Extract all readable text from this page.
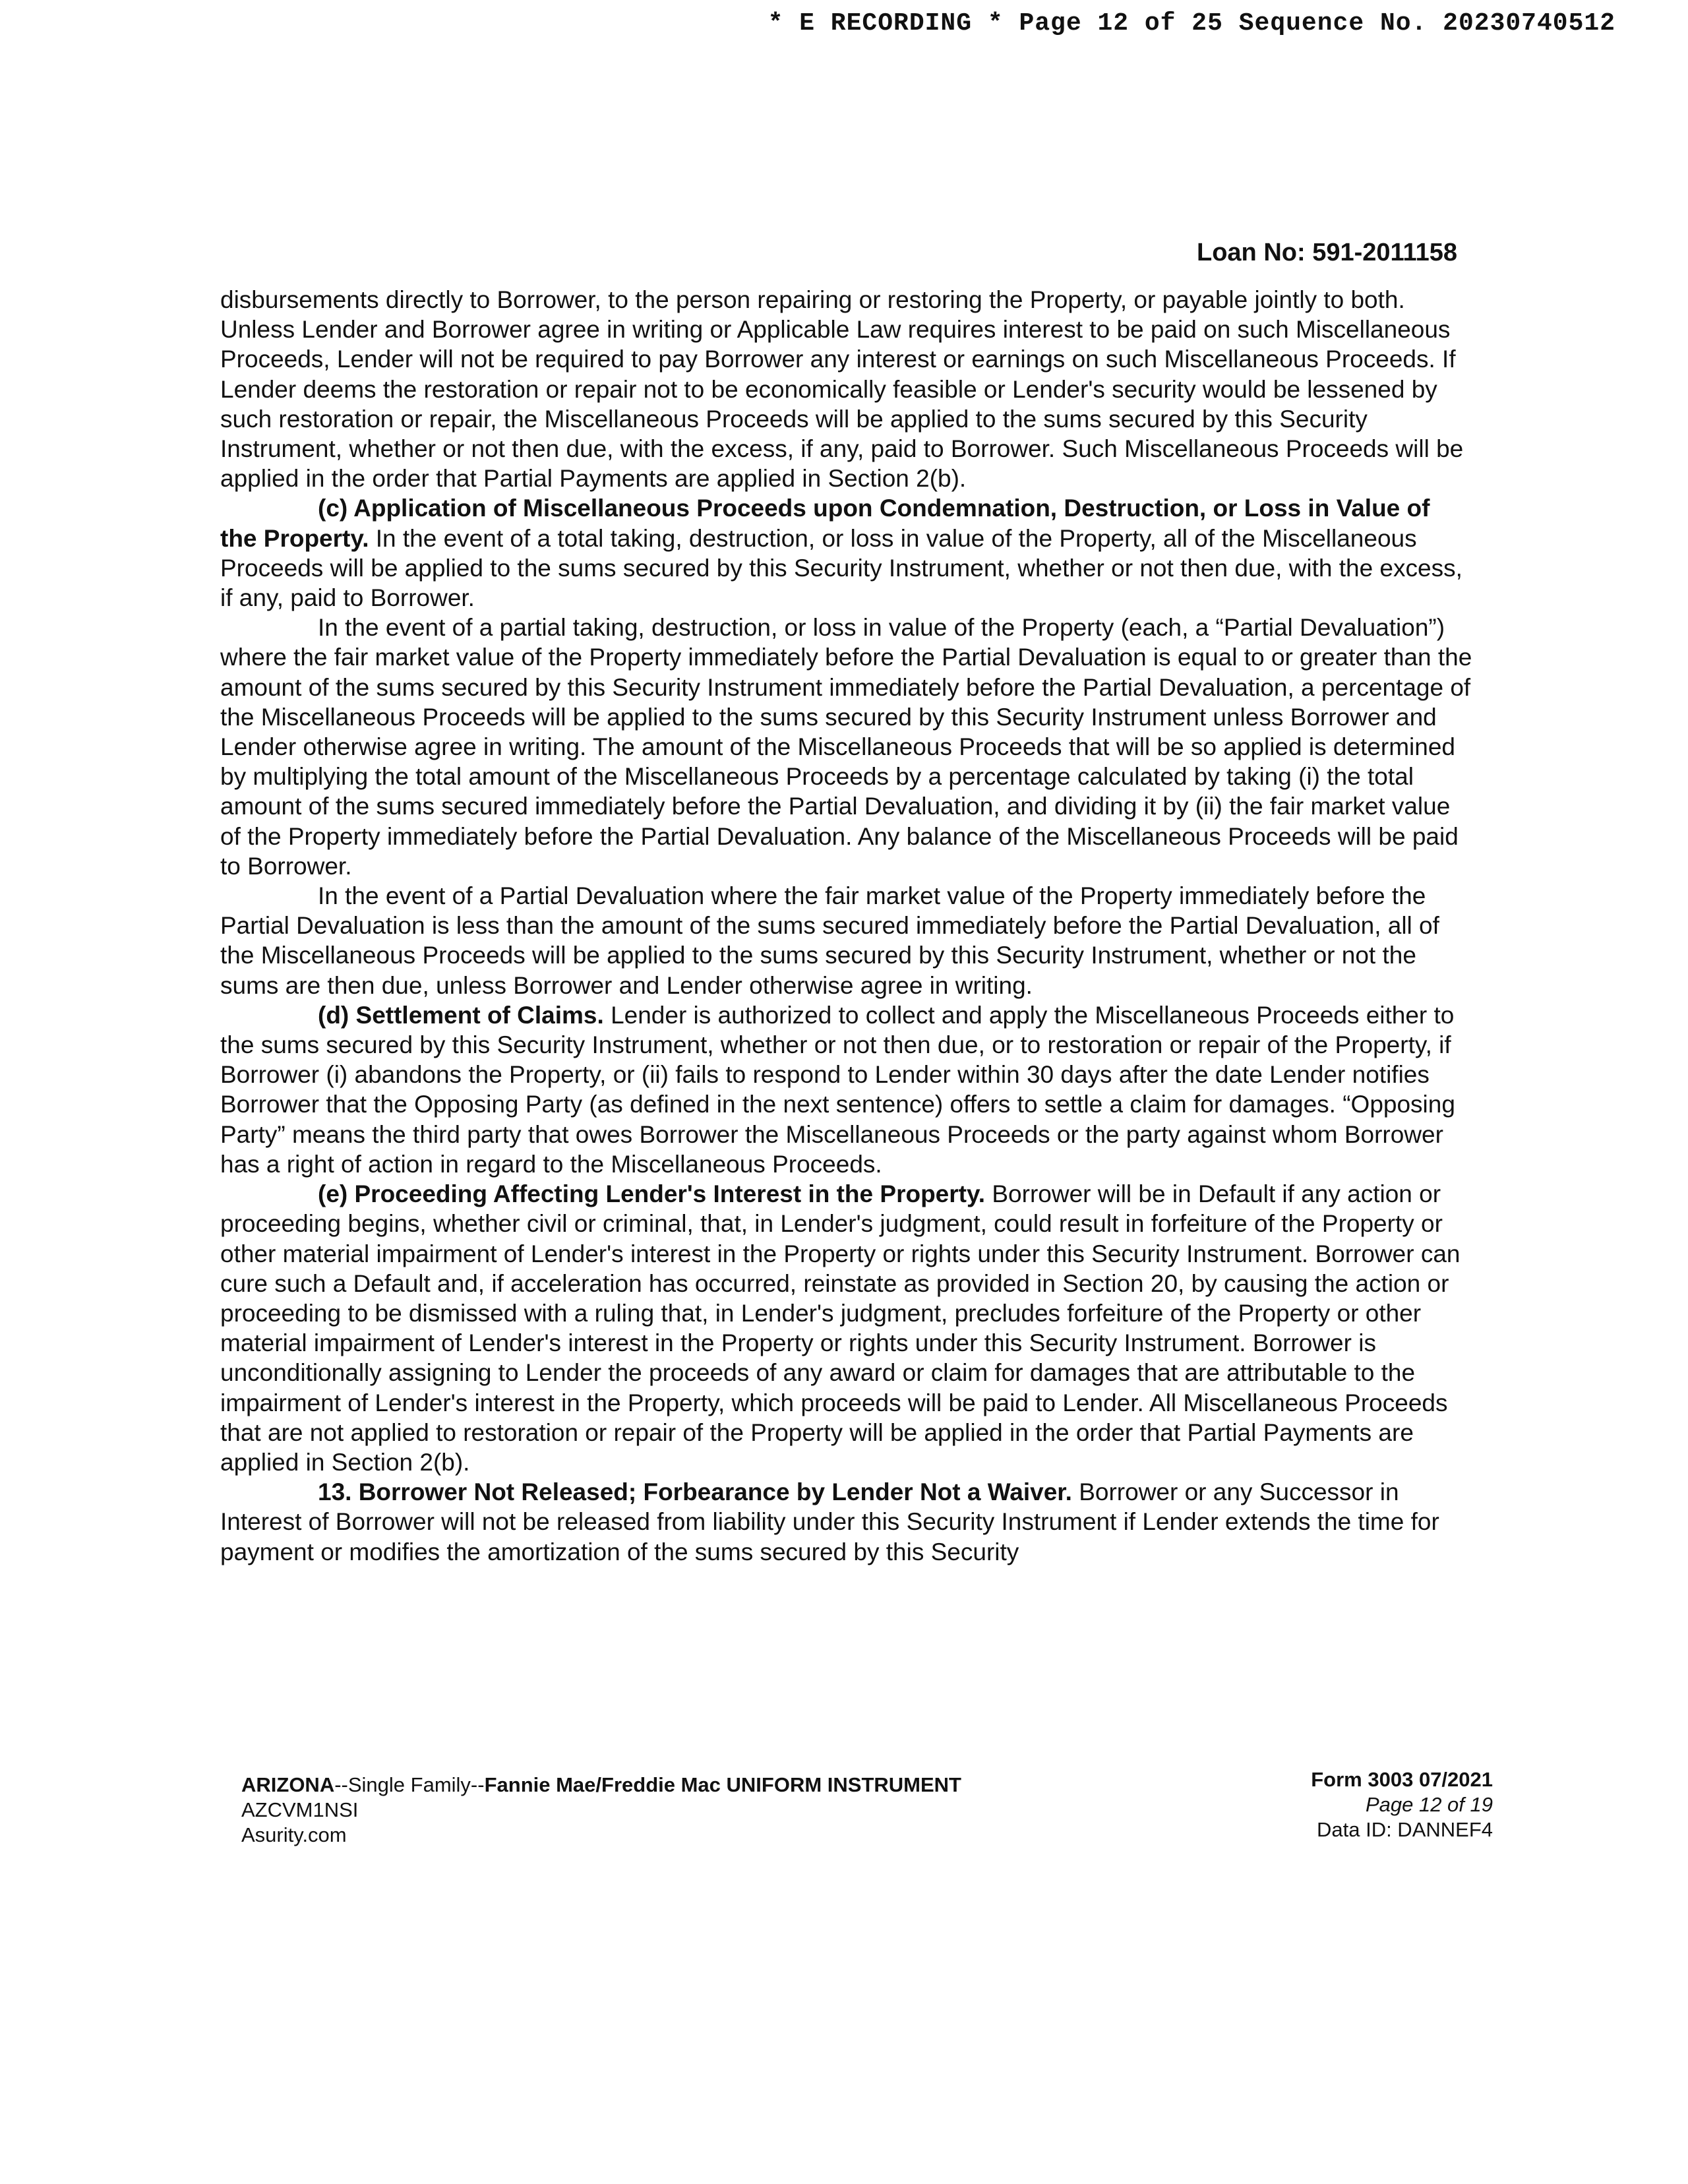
* E RECORDING * Page 12 of 25 Sequence No. 20230740512
Loan No: 591-2011158

disbursements directly to Borrower, to the person repairing or restoring the Property, or payable jointly to both. Unless Lender and Borrower agree in writing or Applicable Law requires interest to be paid on such Miscellaneous Proceeds, Lender will not be required to pay Borrower any interest or earnings on such Miscellaneous Proceeds. If Lender deems the restoration or repair not to be economically feasible or Lender's security would be lessened by such restoration or repair, the Miscellaneous Proceeds will be applied to the sums secured by this Security Instrument, whether or not then due, with the excess, if any, paid to Borrower. Such Miscellaneous Proceeds will be applied in the order that Partial Payments are applied in Section 2(b).

(c) Application of Miscellaneous Proceeds upon Condemnation, Destruction, or Loss in Value of the Property. In the event of a total taking, destruction, or loss in value of the Property, all of the Miscellaneous Proceeds will be applied to the sums secured by this Security Instrument, whether or not then due, with the excess, if any, paid to Borrower.

In the event of a partial taking, destruction, or loss in value of the Property (each, a “Partial Devaluation”) where the fair market value of the Property immediately before the Partial Devaluation is equal to or greater than the amount of the sums secured by this Security Instrument immediately before the Partial Devaluation, a percentage of the Miscellaneous Proceeds will be applied to the sums secured by this Security Instrument unless Borrower and Lender otherwise agree in writing. The amount of the Miscellaneous Proceeds that will be so applied is determined by multiplying the total amount of the Miscellaneous Proceeds by a percentage calculated by taking (i) the total amount of the sums secured immediately before the Partial Devaluation, and dividing it by (ii) the fair market value of the Property immediately before the Partial Devaluation. Any balance of the Miscellaneous Proceeds will be paid to Borrower.

In the event of a Partial Devaluation where the fair market value of the Property immediately before the Partial Devaluation is less than the amount of the sums secured immediately before the Partial Devaluation, all of the Miscellaneous Proceeds will be applied to the sums secured by this Security Instrument, whether or not the sums are then due, unless Borrower and Lender otherwise agree in writing.

(d) Settlement of Claims. Lender is authorized to collect and apply the Miscellaneous Proceeds either to the sums secured by this Security Instrument, whether or not then due, or to restoration or repair of the Property, if Borrower (i) abandons the Property, or (ii) fails to respond to Lender within 30 days after the date Lender notifies Borrower that the Opposing Party (as defined in the next sentence) offers to settle a claim for damages. “Opposing Party” means the third party that owes Borrower the Miscellaneous Proceeds or the party against whom Borrower has a right of action in regard to the Miscellaneous Proceeds.

(e) Proceeding Affecting Lender's Interest in the Property. Borrower will be in Default if any action or proceeding begins, whether civil or criminal, that, in Lender's judgment, could result in forfeiture of the Property or other material impairment of Lender's interest in the Property or rights under this Security Instrument. Borrower can cure such a Default and, if acceleration has occurred, reinstate as provided in Section 20, by causing the action or proceeding to be dismissed with a ruling that, in Lender's judgment, precludes forfeiture of the Property or other material impairment of Lender's interest in the Property or rights under this Security Instrument. Borrower is unconditionally assigning to Lender the proceeds of any award or claim for damages that are attributable to the impairment of Lender's interest in the Property, which proceeds will be paid to Lender. All Miscellaneous Proceeds that are not applied to restoration or repair of the Property will be applied in the order that Partial Payments are applied in Section 2(b).

13. Borrower Not Released; Forbearance by Lender Not a Waiver. Borrower or any Successor in Interest of Borrower will not be released from liability under this Security Instrument if Lender extends the time for payment or modifies the amortization of the sums secured by this Security

ARIZONA--Single Family--Fannie Mae/Freddie Mac UNIFORM INSTRUMENT
AZCVM1NSI
Asurity.com
Form 3003 07/2021
Page 12 of 19
Data ID: DANNEF4
